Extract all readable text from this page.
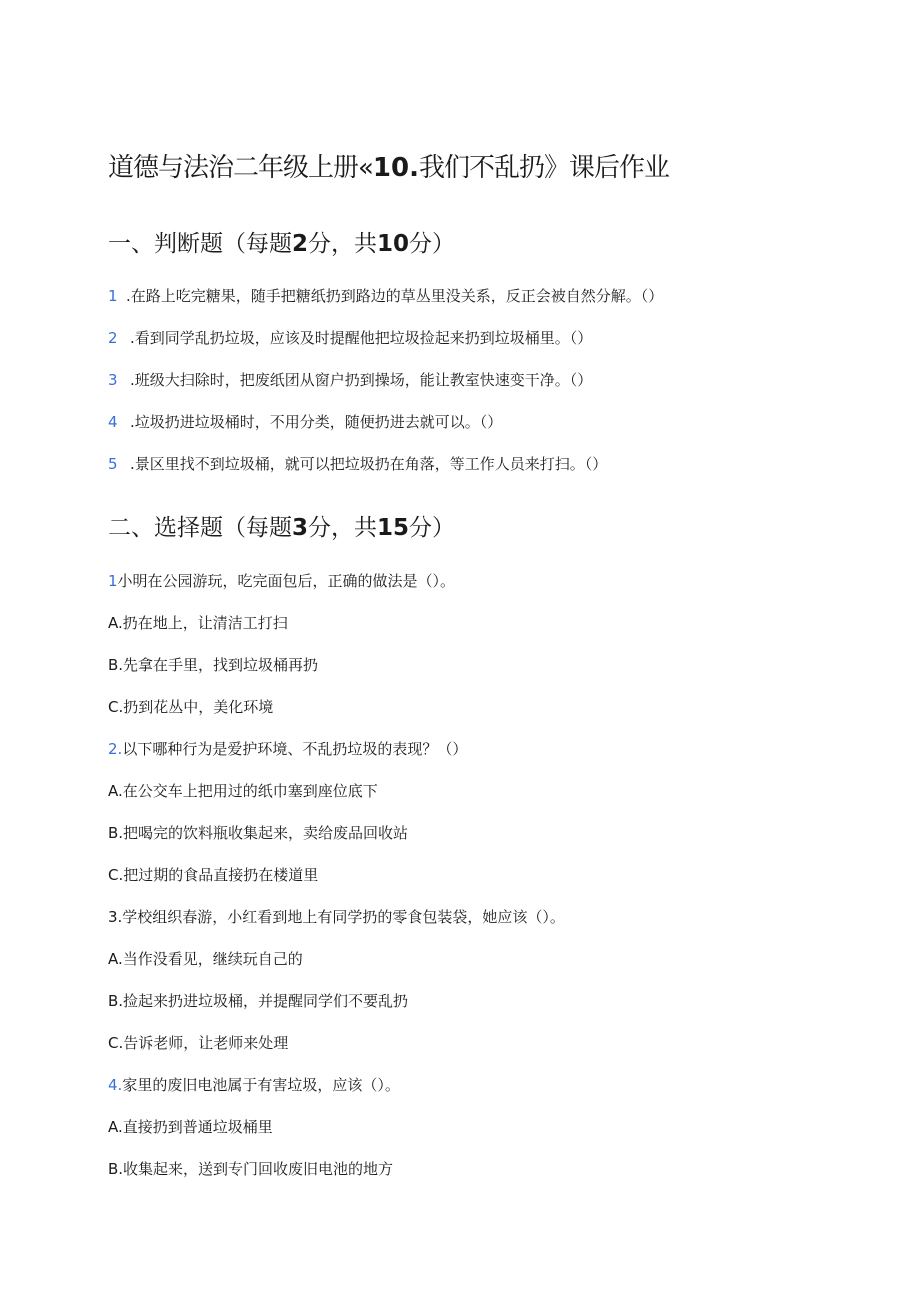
道德与法治二年级上册«10.我们不乱扔》课后作业
一、判断题（每题2分，共10分）
1 .在路上吃完糖果，随手把糖纸扔到路边的草丛里没关系，反正会被自然分解。（）
2 .看到同学乱扔垃圾，应该及时提醒他把垃圾捡起来扔到垃圾桶里。（）
3 .班级大扫除时，把废纸团从窗户扔到操场，能让教室快速变干净。（）
4 .垃圾扔进垃圾桶时，不用分类，随便扔进去就可以。（）
5 .景区里找不到垃圾桶，就可以把垃圾扔在角落，等工作人员来打扫。（）
二、选择题（每题3分，共15分）
1小明在公园游玩，吃完面包后，正确的做法是（）。
A.扔在地上，让清洁工打扫
B.先拿在手里，找到垃圾桶再扔
C.扔到花丛中，美化环境
2.以下哪种行为是爱护环境、不乱扔垃圾的表现？（）
A.在公交车上把用过的纸巾塞到座位底下
B.把喝完的饮料瓶收集起来，卖给废品回收站
C.把过期的食品直接扔在楼道里
3.学校组织春游，小红看到地上有同学扔的零食包装袋，她应该（）。
A.当作没看见，继续玩自己的
B.捡起来扔进垃圾桶，并提醒同学们不要乱扔
C.告诉老师，让老师来处理
4.家里的废旧电池属于有害垃圾，应该（）。
A.直接扔到普通垃圾桶里
B.收集起来，送到专门回收废旧电池的地方
